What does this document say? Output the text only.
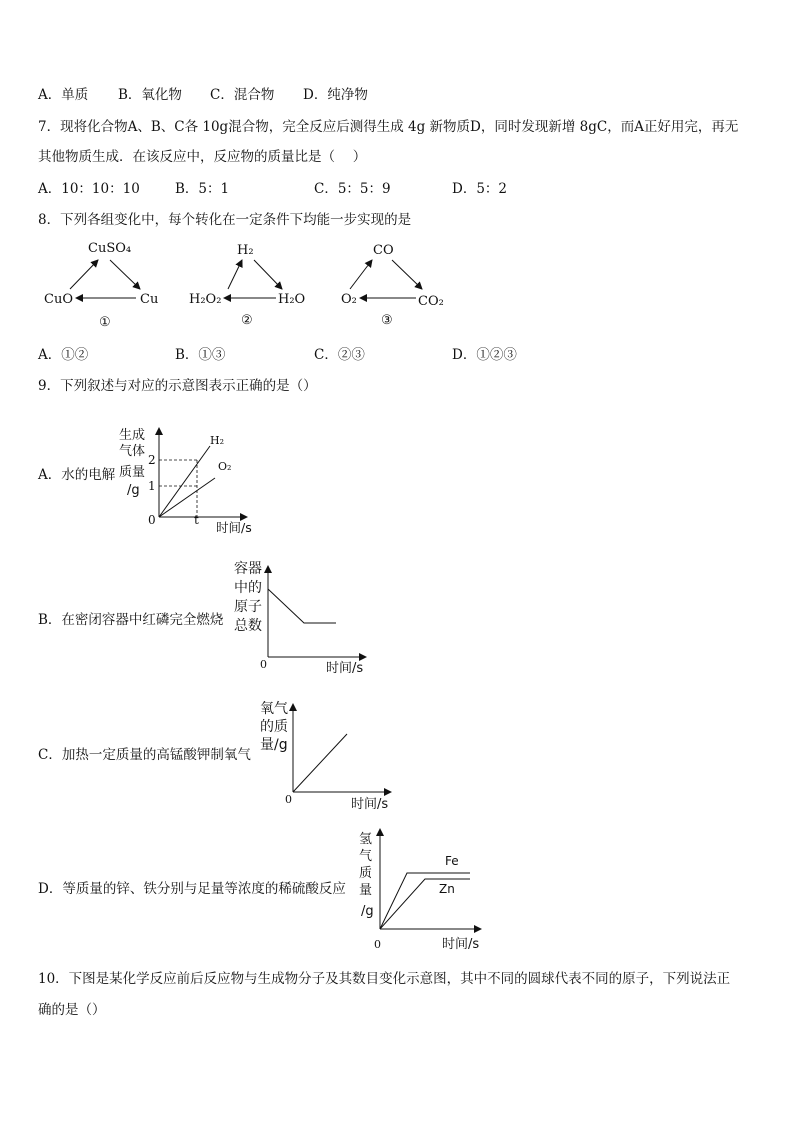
A．单质 B．氧化物 C．混合物 D．纯净物
7．现将化合物A、B、C各 10g混合物，完全反应后测得生成 4g 新物质D，同时发现新增 8gC，而A正好用完，再无
其他物质生成．在该反应中，反应物的质量比是（　 ）
A．10：10：10	B．5：1	C．5：5：9	D．5：2
8．下列各组变化中，每个转化在一定条件下均能一步实现的是
CuSO₄
CuO	Cu
①
H₂
H₂O₂	H₂O
②
CO
O₂	CO₂
③
A．①②	B．①③	C．②③	D．①②③
9．下列叙述与对应的示意图表示正确的是（）
A．水的电解
生成
气体
质量
/g
2
1
0	t 时间/s
H₂
O₂
B．在密闭容器中红磷完全燃烧
容器
中的
原子
总数
0	时间/s
C．加热一定质量的高锰酸钾制氧气
氧气
的质
量/g
0	时间/s
D．等质量的锌、铁分别与足量等浓度的稀硫酸反应
氢
气
质
量
/g
Fe
Zn
0	时间/s
10．下图是某化学反应前后反应物与生成物分子及其数目变化示意图，其中不同的圆球代表不同的原子，下列说法正
确的是（）
